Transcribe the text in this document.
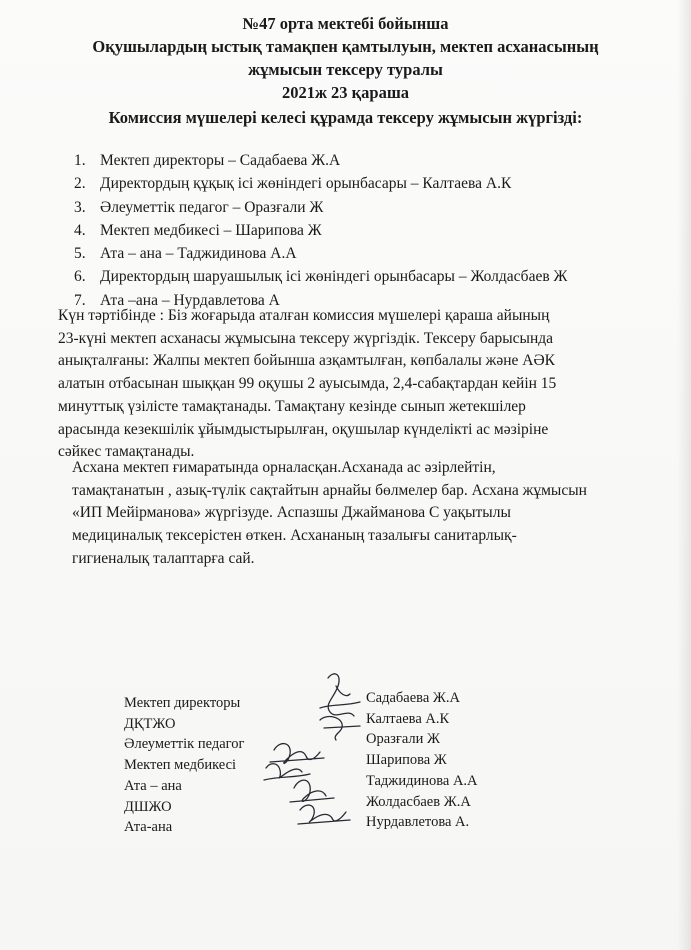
№47 орта мектебі бойынша
Оқушылардың ыстық тамақпен қамтылуын, мектеп асханасының
жұмысын тексеру туралы
2021ж 23 қараша
Комиссия мүшелері келесі құрамда тексеру жұмысын жүргізді:
1. Мектеп директоры – Садабаева Ж.А
2. Директордың құқық ісі жөніндегі орынбасары – Калтаева А.К
3. Әлеуметтік педагог – Оразғали Ж
4. Мектеп медбикесі – Шарипова Ж
5. Ата – ана – Таджидинова А.А
6. Директордың шаруашылық ісі жөніндегі орынбасары – Жолдасбаев Ж
7. Ата –ана – Нурдавлетова А
Күн тәртібінде : Біз жоғарыда аталған комиссия мүшелері қараша айының
23-күні мектеп асханасы жұмысына тексеру жүргіздік. Тексеру барысында
анықталғаны: Жалпы мектеп бойынша азқамтылған, көпбалалы және АӘК
алатын отбасынан шыққан 99 оқушы 2 ауысымда, 2,4-сабақтардан кейін 15
минуттық үзілісте тамақтанады. Тамақтану кезінде сынып жетекшілер
арасында кезекшілік ұйымдыстырылған, оқушылар күнделікті ас мәзіріне
сәйкес тамақтанады.
Асхана мектеп ғимаратында орналасқан.Асханада ас әзірлейтін,
тамақтанатын , азық-түлік сақтайтын арнайы бөлмелер бар. Асхана жұмысын
«ИП Мейірманова» жүргізуде. Аспазшы Джайманова С уақытылы
медициналық тексерістен өткен. Асхананың тазалығы санитарлық-
гигиеналық талаптарға сай.
Мектеп директоры
ДҚТЖО
Әлеуметтік педагог
Мектеп медбикесі
Ата – ана
ДШЖО
Ата-ана
Садабаева Ж.А
Калтаева А.К
Оразғали Ж
Шарипова Ж
Таджидинова А.А
Жолдасбаев Ж.А
Нурдавлетова А.
